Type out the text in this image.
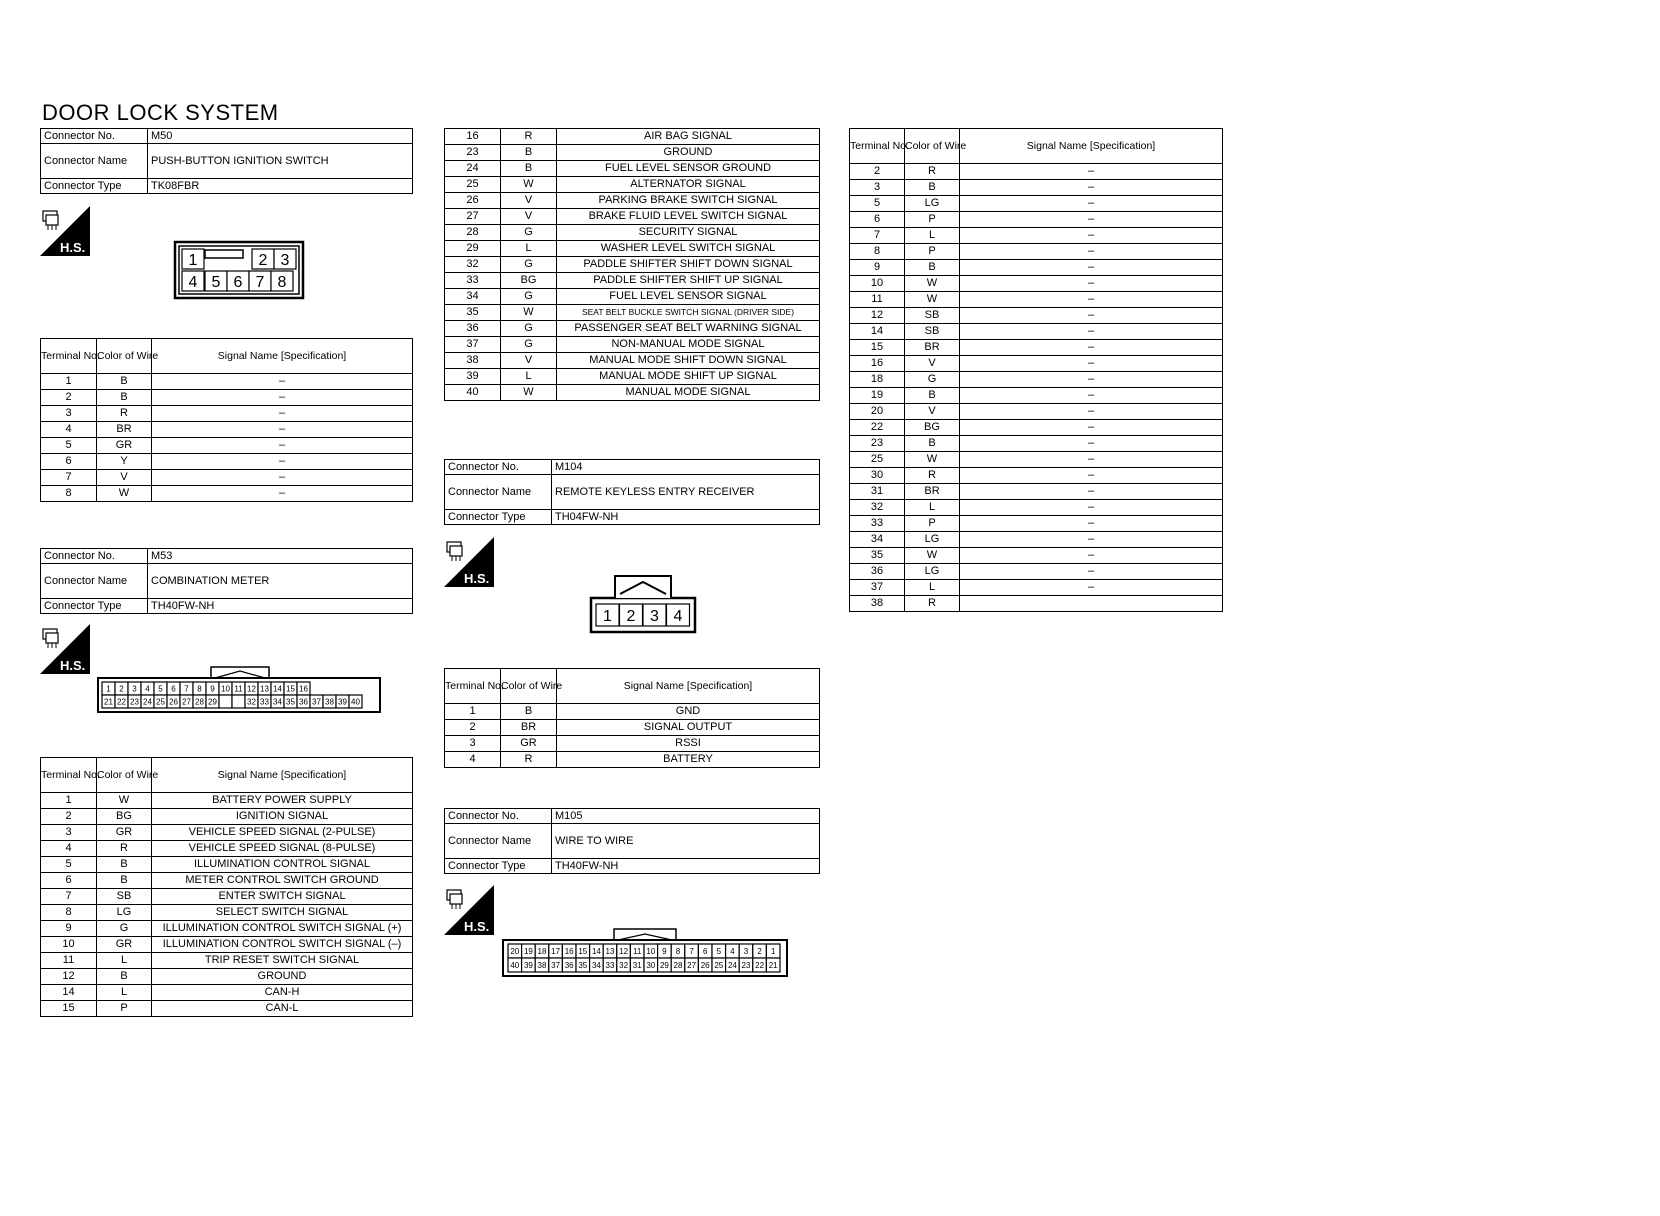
DOOR LOCK SYSTEM
Connector No.	M50
Connector Name	PUSH-BUTTON IGNITION SWITCH
Connector Type	TK08FBR
H.S.
1	2 3
4 5 6 7 8
Terminal No.	Color of Wire	Signal Name [Specification]
1	B	–
2	B	–
3	R	–
4	BR	–
5	GR	–
6	Y	–
7	V	–
8	W	–
Connector No.	M53
Connector Name	COMBINATION METER
Connector Type	TH40FW-NH
H.S.
1 2 3 4 5 6 7 8 9 10 11 12 13 14 15 16
21 22 23 24 25 26 27 28 29	32 33 34 35 36 37 38 39 40
Terminal No.	Color of Wire	Signal Name [Specification]
1	W	BATTERY POWER SUPPLY
2	BG	IGNITION SIGNAL
3	GR	VEHICLE SPEED SIGNAL (2-PULSE)
4	R	VEHICLE SPEED SIGNAL (8-PULSE)
5	B	ILLUMINATION CONTROL SIGNAL
6	B	METER CONTROL SWITCH GROUND
7	SB	ENTER SWITCH SIGNAL
8	LG	SELECT SWITCH SIGNAL
9	G	ILLUMINATION CONTROL SWITCH SIGNAL (+)
10	GR	ILLUMINATION CONTROL SWITCH SIGNAL (–)
11	L	TRIP RESET SWITCH SIGNAL
12	B	GROUND
14	L	CAN-H
15	P	CAN-L
16	R	AIR BAG SIGNAL
23	B	GROUND
24	B	FUEL LEVEL SENSOR GROUND
25	W	ALTERNATOR SIGNAL
26	V	PARKING BRAKE SWITCH SIGNAL
27	V	BRAKE FLUID LEVEL SWITCH SIGNAL
28	G	SECURITY SIGNAL
29	L	WASHER LEVEL SWITCH SIGNAL
32	G	PADDLE SHIFTER SHIFT DOWN SIGNAL
33	BG	PADDLE SHIFTER SHIFT UP SIGNAL
34	G	FUEL LEVEL SENSOR SIGNAL
35	W	SEAT BELT BUCKLE SWITCH SIGNAL (DRIVER SIDE)
36	G	PASSENGER SEAT BELT WARNING SIGNAL
37	G	NON-MANUAL MODE SIGNAL
38	V	MANUAL MODE SHIFT DOWN SIGNAL
39	L	MANUAL MODE SHIFT UP SIGNAL
40	W	MANUAL MODE SIGNAL
Connector No.	M104
Connector Name	REMOTE KEYLESS ENTRY RECEIVER
Connector Type	TH04FW-NH
H.S.
1 2 3 4
Terminal No.	Color of Wire	Signal Name [Specification]
1	B	GND
2	BR	SIGNAL OUTPUT
3	GR	RSSI
4	R	BATTERY
Connector No.	M105
Connector Name	WIRE TO WIRE
Connector Type	TH40FW-NH
H.S.
20 19 18 17 16 15 14 13 12 11 10 9 8 7 6 5 4 3 2 1
40 39 38 37 36 35 34 33 32 31 30 29 28 27 26 25 24 23 22 21
Terminal No.	Color of Wire	Signal Name [Specification]
2	R	–
3	B	–
5	LG	–
6	P	–
7	L	–
8	P	–
9	B	–
10	W	–
11	W	–
12	SB	–
14	SB	–
15	BR	–
16	V	–
18	G	–
19	B	–
20	V	–
22	BG	–
23	B	–
25	W	–
30	R	–
31	BR	–
32	L	–
33	P	–
34	LG	–
35	W	–
36	LG	–
37	L	–
38	R	
